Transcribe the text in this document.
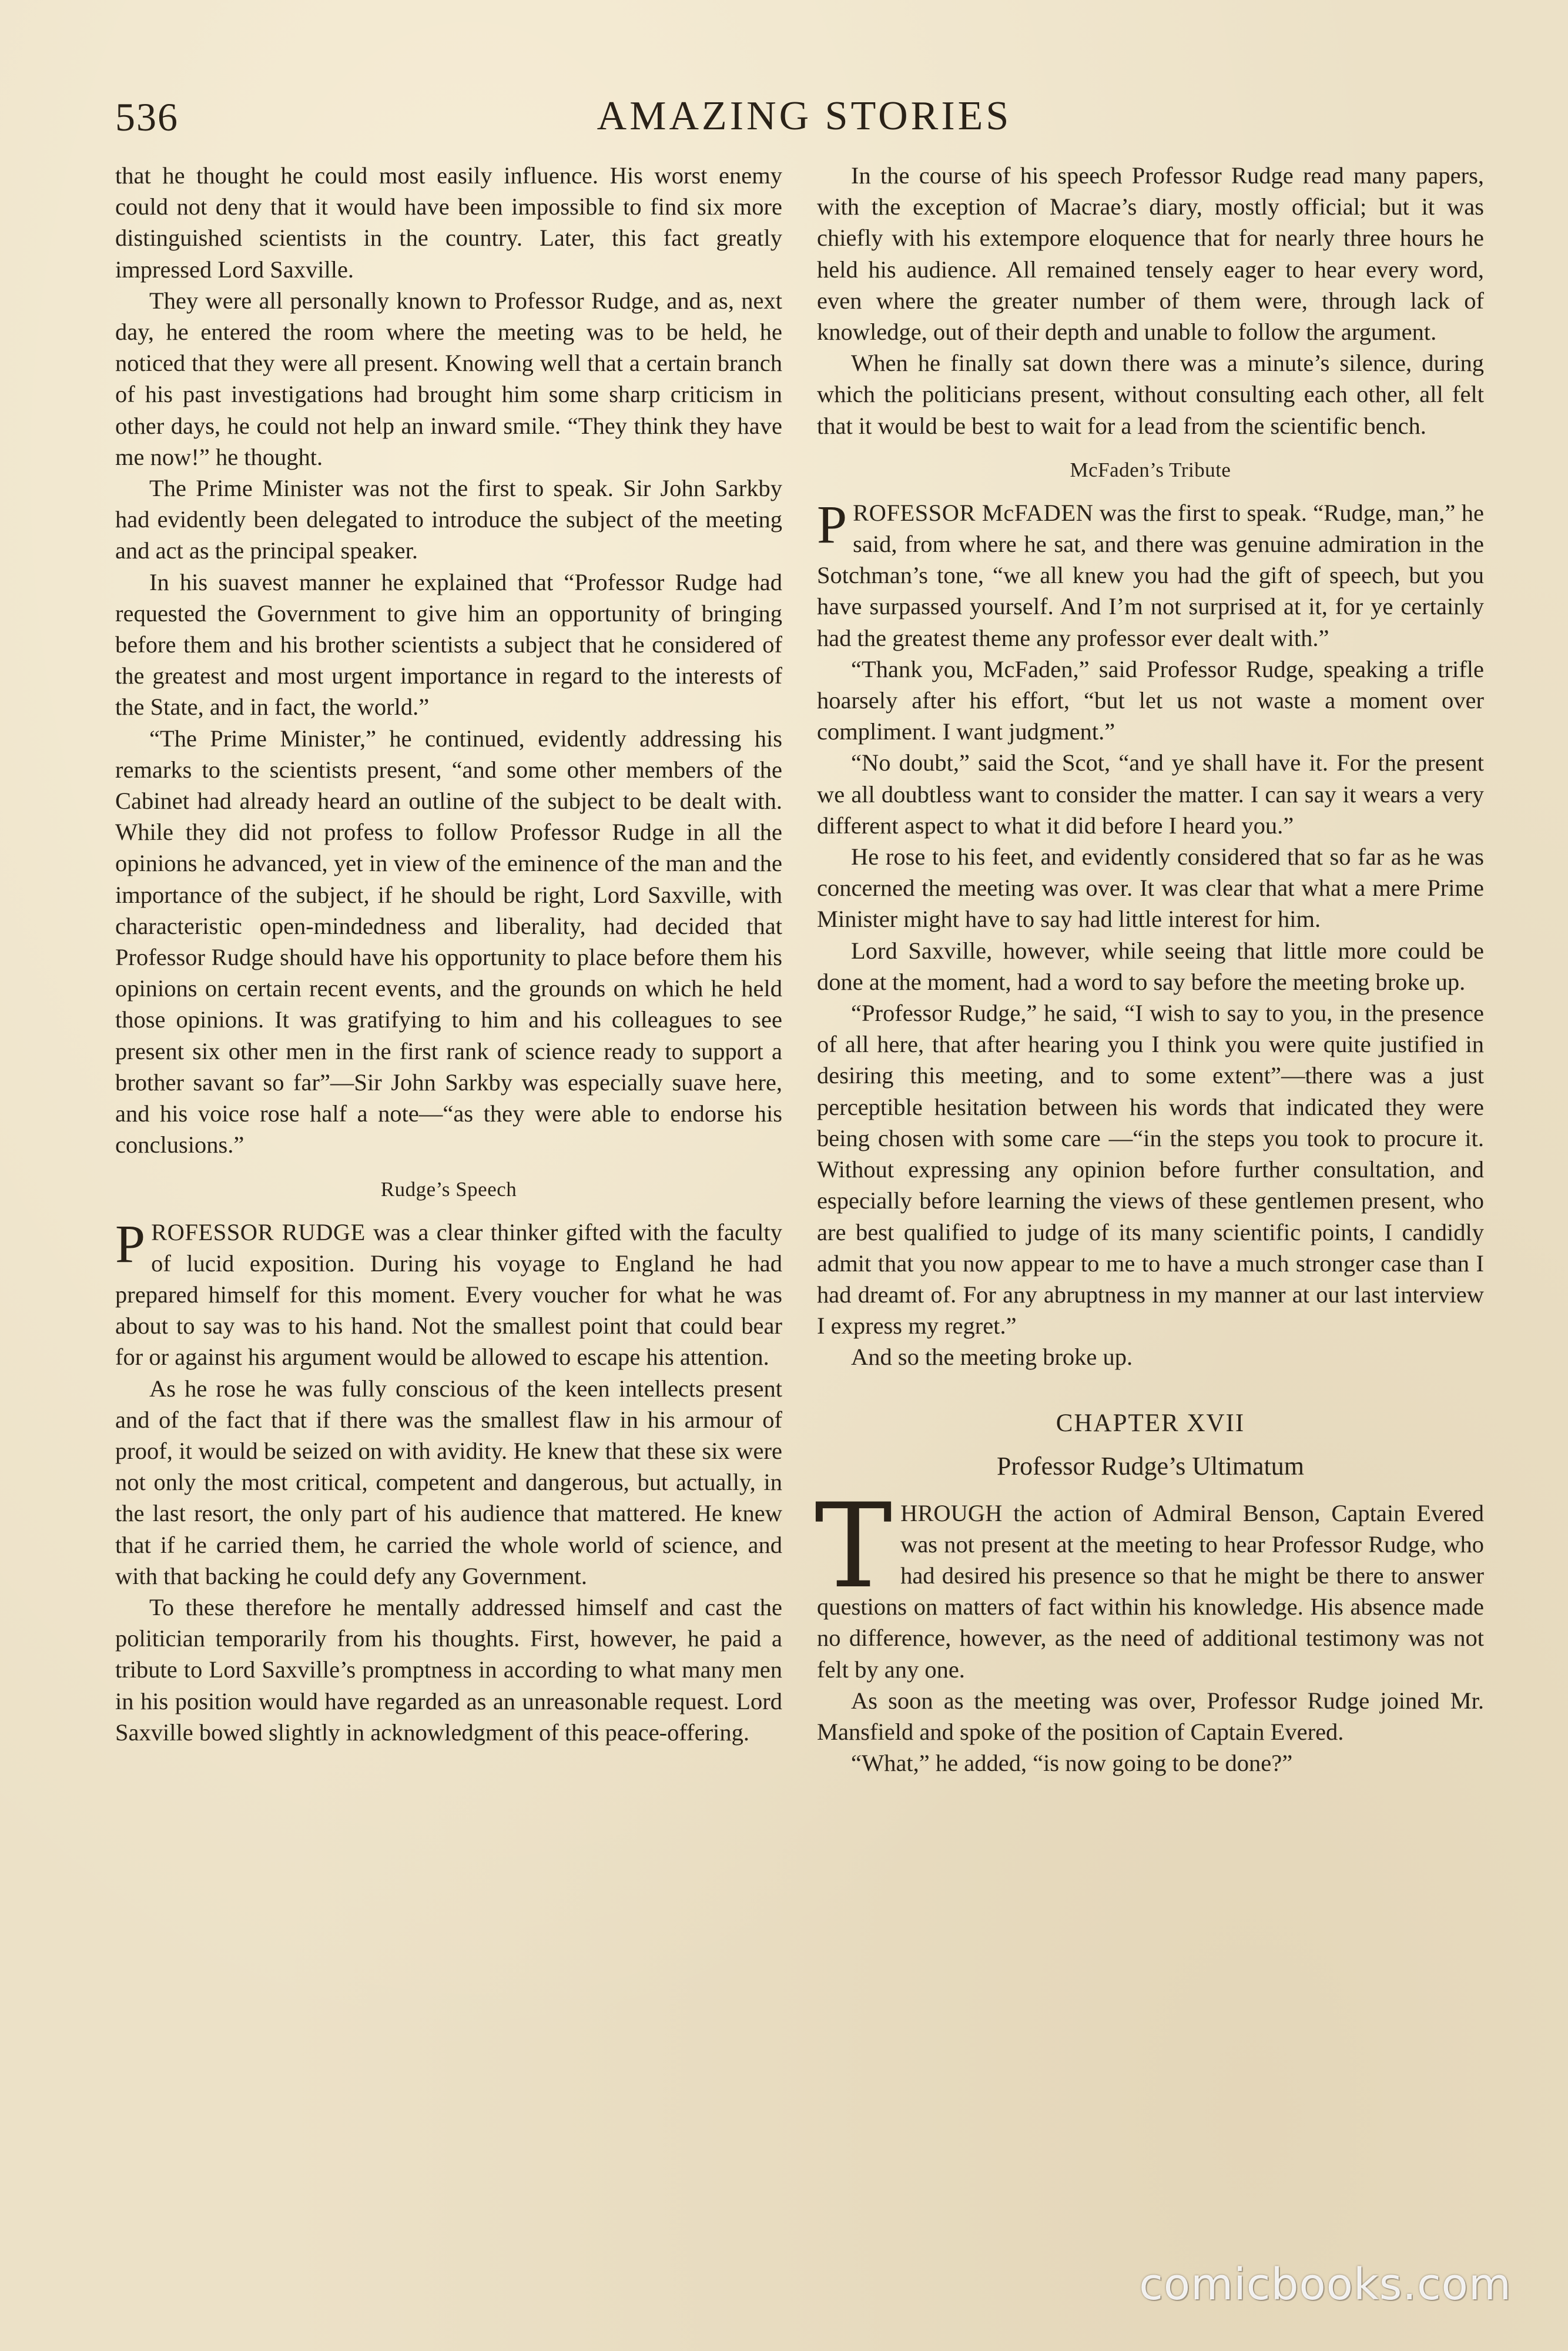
536	AMAZING STORIES

that he thought he could most easily influence. His worst enemy could not deny that it would have been impossible to find six more distinguished scientists in the country. Later, this fact greatly impressed Lord Saxville.

They were all personally known to Professor Rudge, and as, next day, he entered the room where the meeting was to be held, he noticed that they were all present. Knowing well that a certain branch of his past investigations had brought him some sharp criticism in other days, he could not help an inward smile. “They think they have me now!” he thought.

The Prime Minister was not the first to speak. Sir John Sarkby had evidently been delegated to introduce the subject of the meeting and act as the principal speaker.

In his suavest manner he explained that “Professor Rudge had requested the Government to give him an opportunity of bringing before them and his brother scientists a subject that he considered of the greatest and most urgent importance in regard to the interests of the State, and in fact, the world.”

“The Prime Minister,” he continued, evidently addressing his remarks to the scientists present, “and some other members of the Cabinet had already heard an outline of the subject to be dealt with. While they did not profess to follow Professor Rudge in all the opinions he advanced, yet in view of the eminence of the man and the importance of the subject, if he should be right, Lord Saxville, with characteristic open-mindedness and liberality, had decided that Professor Rudge should have his opportunity to place before them his opinions on certain recent events, and the grounds on which he held those opinions. It was gratifying to him and his colleagues to see present six other men in the first rank of science ready to support a brother savant so far”—Sir John Sarkby was especially suave here, and his voice rose half a note—“as they were able to endorse his conclusions.”

Rudge’s Speech

PROFESSOR RUDGE was a clear thinker gifted with the faculty of lucid exposition. During his voyage to England he had prepared himself for this moment. Every voucher for what he was about to say was to his hand. Not the smallest point that could bear for or against his argument would be allowed to escape his attention.

As he rose he was fully conscious of the keen intellects present and of the fact that if there was the smallest flaw in his armour of proof, it would be seized on with avidity. He knew that these six were not only the most critical, competent and dangerous, but actually, in the last resort, the only part of his audience that mattered. He knew that if he carried them, he carried the whole world of science, and with that backing he could defy any Government.

To these therefore he mentally addressed himself and cast the politician temporarily from his thoughts. First, however, he paid a tribute to Lord Saxville’s promptness in according to what many men in his position would have regarded as an unreasonable request. Lord Saxville bowed slightly in acknowledgment of this peace-offering.

In the course of his speech Professor Rudge read many papers, with the exception of Macrae’s diary, mostly official; but it was chiefly with his extempore eloquence that for nearly three hours he held his audience. All remained tensely eager to hear every word, even where the greater number of them were, through lack of knowledge, out of their depth and unable to follow the argument.

When he finally sat down there was a minute’s silence, during which the politicians present, without consulting each other, all felt that it would be best to wait for a lead from the scientific bench.

McFaden’s Tribute

PROFESSOR McFADEN was the first to speak. “Rudge, man,” he said, from where he sat, and there was genuine admiration in the Sotchman’s tone, “we all knew you had the gift of speech, but you have surpassed yourself. And I’m not surprised at it, for ye certainly had the greatest theme any professor ever dealt with.”

“Thank you, McFaden,” said Professor Rudge, speaking a trifle hoarsely after his effort, “but let us not waste a moment over compliment. I want judgment.”

“No doubt,” said the Scot, “and ye shall have it. For the present we all doubtless want to consider the matter. I can say it wears a very different aspect to what it did before I heard you.”

He rose to his feet, and evidently considered that so far as he was concerned the meeting was over. It was clear that what a mere Prime Minister might have to say had little interest for him.

Lord Saxville, however, while seeing that little more could be done at the moment, had a word to say before the meeting broke up.

“Professor Rudge,” he said, “I wish to say to you, in the presence of all here, that after hearing you I think you were quite justified in desiring this meeting, and to some extent”—there was a just perceptible hesitation between his words that indicated they were being chosen with some care —“in the steps you took to procure it. Without expressing any opinion before further consultation, and especially before learning the views of these gentlemen present, who are best qualified to judge of its many scientific points, I candidly admit that you now appear to me to have a much stronger case than I had dreamt of. For any abruptness in my manner at our last interview I express my regret.”

And so the meeting broke up.

CHAPTER XVII
Professor Rudge’s Ultimatum

THROUGH the action of Admiral Benson, Captain Evered was not present at the meeting to hear Professor Rudge, who had desired his presence so that he might be there to answer questions on matters of fact within his knowledge. His absence made no difference, however, as the need of additional testimony was not felt by any one.

As soon as the meeting was over, Professor Rudge joined Mr. Mansfield and spoke of the position of Captain Evered.

“What,” he added, “is now going to be done?”

comicbooks.com
